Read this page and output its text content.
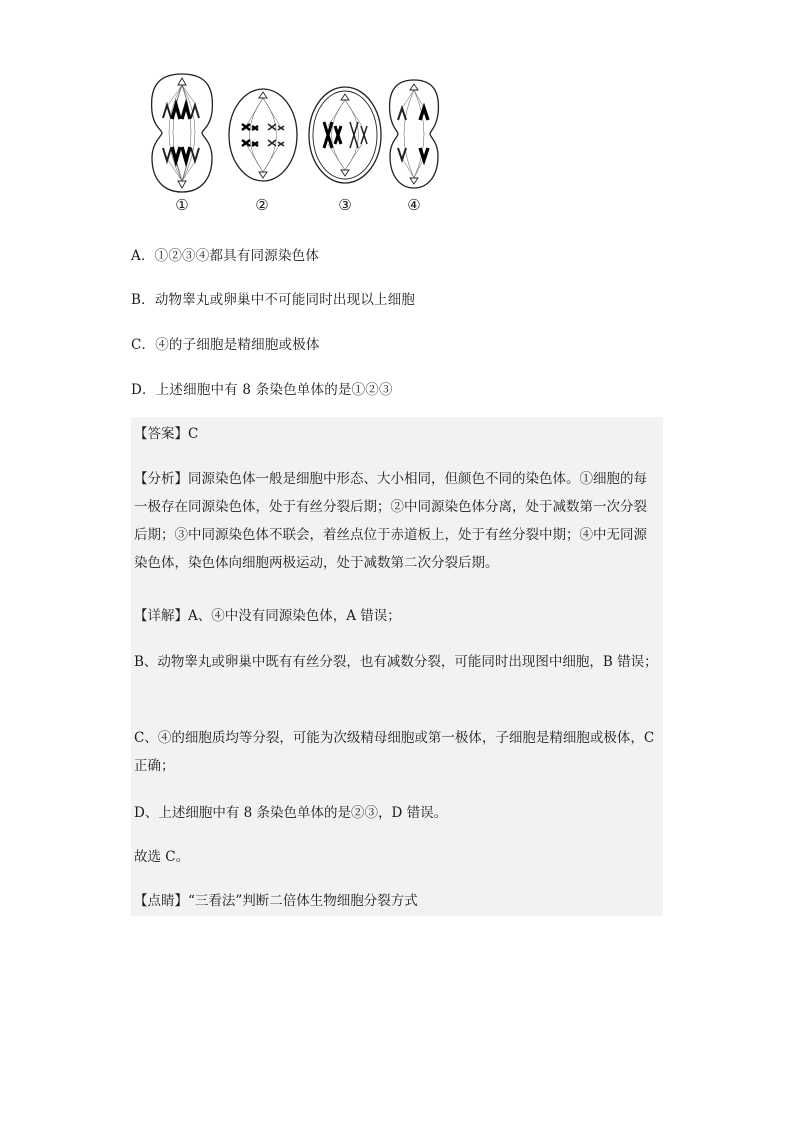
①	②	③	④
A．①②③④都具有同源染色体
B．动物睾丸或卵巢中不可能同时出现以上细胞
C．④的子细胞是精细胞或极体
D．上述细胞中有 8 条染色单体的是①②③
【答案】C
【分析】同源染色体一般是细胞中形态、大小相同，但颜色不同的染色体。①细胞的每一极存在同源染色体，处于有丝分裂后期；②中同源染色体分离，处于减数第一次分裂后期；③中同源染色体不联会，着丝点位于赤道板上，处于有丝分裂中期；④中无同源染色体，染色体向细胞两极运动，处于减数第二次分裂后期。
【详解】A、④中没有同源染色体，A 错误；
B、动物睾丸或卵巢中既有有丝分裂，也有减数分裂，可能同时出现图中细胞，B 错误；
C、④的细胞质均等分裂，可能为次级精母细胞或第一极体，子细胞是精细胞或极体，C 正确；
D、上述细胞中有 8 条染色单体的是②③，D 错误。
故选 C。
【点睛】“三看法”判断二倍体生物细胞分裂方式
